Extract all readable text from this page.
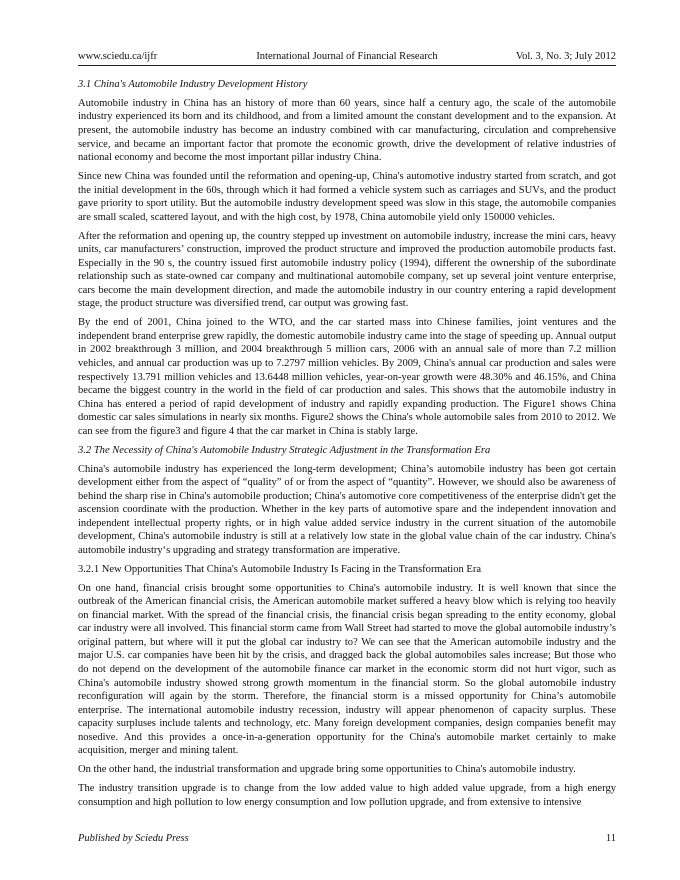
www.sciedu.ca/ijfr	International Journal of Financial Research	Vol. 3, No. 3; July 2012

3.1 China's Automobile Industry Development History

Automobile industry in China has an history of more than 60 years, since half a century ago, the scale of the automobile industry experienced its born and its childhood, and from a limited amount the constant development and to the expansion. At present, the automobile industry has become an industry combined with car manufacturing, circulation and comprehensive service, and became an important factor that promote the economic growth, drive the development of relative industries of national economy and become the most important pillar industry China.

Since new China was founded until the reformation and opening-up, China's automotive industry started from scratch, and got the initial development in the 60s, through which it had formed a vehicle system such as carriages and SUVs, and the product gave priority to sport utility. But the automobile industry development speed was slow in this stage, the automobile companies are small scaled, scattered layout, and with the high cost, by 1978, China automobile yield only 150000 vehicles.

After the reformation and opening up, the country stepped up investment on automobile industry, increase the mini cars, heavy units, car manufacturers’ construction, improved the product structure and improved the production automobile products fast. Especially in the 90 s, the country issued first automobile industry policy (1994), different the ownership of the subordinate relationship such as state-owned car company and multinational automobile company, set up several joint venture enterprise, cars become the main development direction, and made the automobile industry in our country entering a rapid development stage, the product structure was diversified trend, car output was growing fast.

By the end of 2001, China joined to the WTO, and the car started mass into Chinese families, joint ventures and the independent brand enterprise grew rapidly, the domestic automobile industry came into the stage of speeding up. Annual output in 2002 breakthrough 3 million, and 2004 breakthrough 5 million cars, 2006 with an annual sale of more than 7.2 million vehicles, and annual car production was up to 7.2797 million vehicles. By 2009, China's annual car production and sales were respectively 13.791 million vehicles and 13.6448 million vehicles, year-on-year growth were 48.30% and 46.15%, and China became the biggest country in the world in the field of car production and sales. This shows that the automobile industry in China has entered a period of rapid development of industry and rapidly expanding production. The Figure1 shows China domestic car sales simulations in nearly six months. Figure2 shows the China's whole automobile sales from 2010 to 2012. We can see from the figure3 and figure 4 that the car market in China is stably large.

3.2 The Necessity of China's Automobile Industry Strategic Adjustment in the Transformation Era

China's automobile industry has experienced the long-term development; China’s automobile industry has been got certain development either from the aspect of “quality” of or from the aspect of “quantity”. However, we should also be awareness of behind the sharp rise in China's automobile production; China's automotive core competitiveness of the enterprise didn't get the ascension coordinate with the production. Whether in the key parts of automotive spare and the independent innovation and independent intellectual property rights, or in high value added service industry in the current situation of the automobile development, China's automobile industry is still at a relatively low state in the global value chain of the car industry. China's automobile industry‘s upgrading and strategy transformation are imperative.

3.2.1 New Opportunities That China's Automobile Industry Is Facing in the Transformation Era

On one hand, financial crisis brought some opportunities to China's automobile industry. It is well known that since the outbreak of the American financial crisis, the American automobile market suffered a heavy blow which is relying too heavily on financial market. With the spread of the financial crisis, the financial crisis began spreading to the entity economy, global car industry were all involved. This financial storm came from Wall Street had started to move the global automobile industry’s original pattern, but where will it put the global car industry to? We can see that the American automobile industry and the major U.S. car companies have been hit by the crisis, and dragged back the global automobiles sales increase; But those who do not depend on the development of the automobile finance car market in the economic storm did not hurt vigor, such as China's automobile industry showed strong growth momentum in the financial storm. So the global automobile industry reconfiguration will again by the storm. Therefore, the financial storm is a missed opportunity for China’s automobile enterprise. The international automobile industry recession, industry will appear phenomenon of capacity surplus. These capacity surpluses include talents and technology, etc. Many foreign development companies, design companies benefit may nosedive. And this provides a once-in-a-generation opportunity for the China's automobile market certainly to make acquisition, merger and mining talent.

On the other hand, the industrial transformation and upgrade bring some opportunities to China's automobile industry.

The industry transition upgrade is to change from the low added value to high added value upgrade, from a high energy consumption and high pollution to low energy consumption and low pollution upgrade, and from extensive to intensive

Published by Sciedu Press	11
